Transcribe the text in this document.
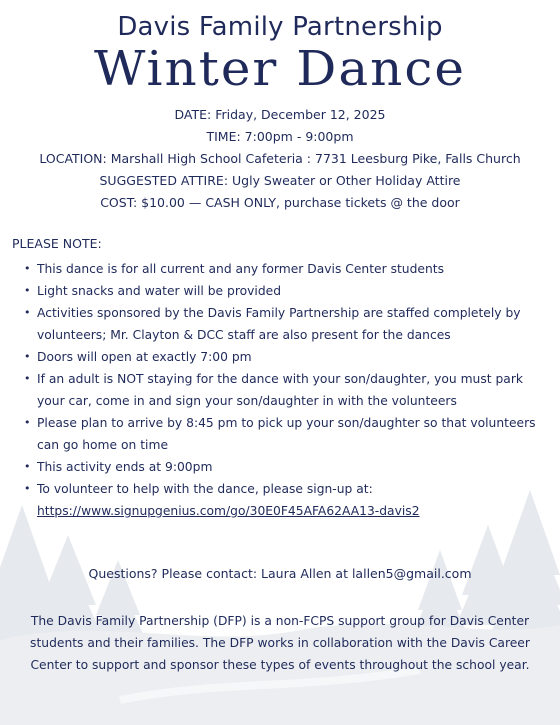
Davis Family Partnership
Winter Dance
DATE: Friday, December 12, 2025
TIME: 7:00pm - 9:00pm
LOCATION: Marshall High School Cafeteria : 7731 Leesburg Pike, Falls Church
SUGGESTED ATTIRE: Ugly Sweater or Other Holiday Attire
COST: $10.00 — CASH ONLY, purchase tickets @ the door
PLEASE NOTE:
• This dance is for all current and any former Davis Center students
• Light snacks and water will be provided
• Activities sponsored by the Davis Family Partnership are staffed completely by volunteers; Mr. Clayton & DCC staff are also present for the dances
• Doors will open at exactly 7:00 pm
• If an adult is NOT staying for the dance with your son/daughter, you must park your car, come in and sign your son/daughter in with the volunteers
• Please plan to arrive by 8:45 pm to pick up your son/daughter so that volunteers can go home on time
• This activity ends at 9:00pm
• To volunteer to help with the dance, please sign-up at:
https://www.signupgenius.com/go/30E0F45AFA62AA13-davis2
Questions? Please contact: Laura Allen at lallen5@gmail.com
The Davis Family Partnership (DFP) is a non-FCPS support group for Davis Center students and their families. The DFP works in collaboration with the Davis Career Center to support and sponsor these types of events throughout the school year.
